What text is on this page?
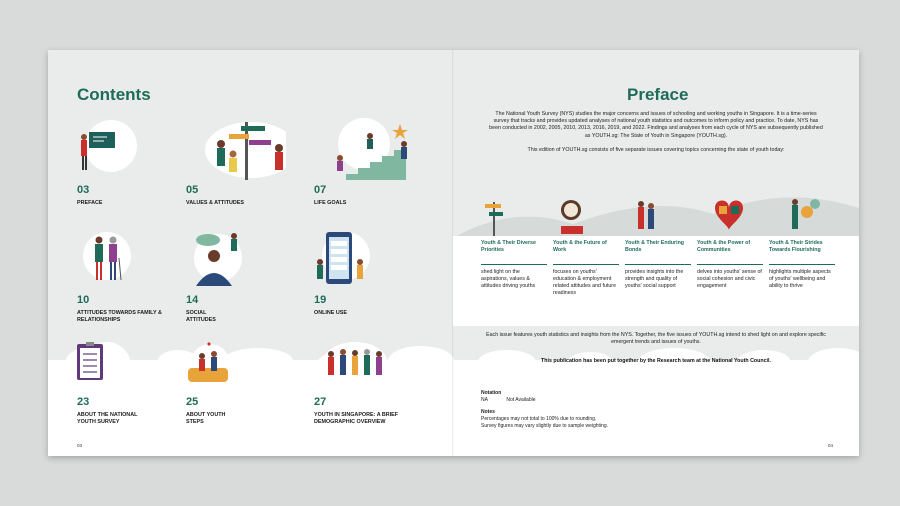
Contents
03
PREFACE
05
VALUES & ATTITUDES
07
LIFE GOALS
10
ATTITUDES TOWARDS FAMILY & RELATIONSHIPS
14
SOCIAL ATTITUDES
19
ONLINE USE
23
ABOUT THE NATIONAL YOUTH SURVEY
25
ABOUT YOUTH STEPS
27
YOUTH IN SINGAPORE: A BRIEF DEMOGRAPHIC OVERVIEW
03
Preface

The National Youth Survey (NYS) studies the major concerns and issues of schooling and working youths in Singapore. It is a time-series survey that tracks and provides updated analyses of national youth statistics and outcomes to inform policy and practice. To date, NYS has been conducted in 2002, 2005, 2010, 2013, 2016, 2019, and 2022. Findings and analyses from each cycle of NYS are subsequently published as YOUTH.sg: The State of Youth in Singapore (YOUTH.sg).

This edition of YOUTH.sg consists of five separate issues covering topics concerning the state of youth today:

Youth & Their Diverse Priorities
shed light on the aspirations, values & attitudes driving youths
Youth & the Future of Work
focuses on youths' education & employment related attitudes and future readiness
Youth & Their Enduring Bonds
provides insights into the strength and quality of youths' social support
Youth & the Power of Communities
delves into youths' sense of social cohesion and civic engagement
Youth & Their Strides Towards Flourishing
highlights multiple aspects of youths' wellbeing and ability to thrive
Each issue features youth statistics and insights from the NYS. Together, the five issues of YOUTH.sg intend to shed light on and explore specific emergent trends and issues of youths.
This publication has been put together by the Research team at the National Youth Council.
Notation
NA	Not Available
Notes
Percentages may not total to 100% due to rounding.
Survey figures may vary slightly due to sample weighting.
04
